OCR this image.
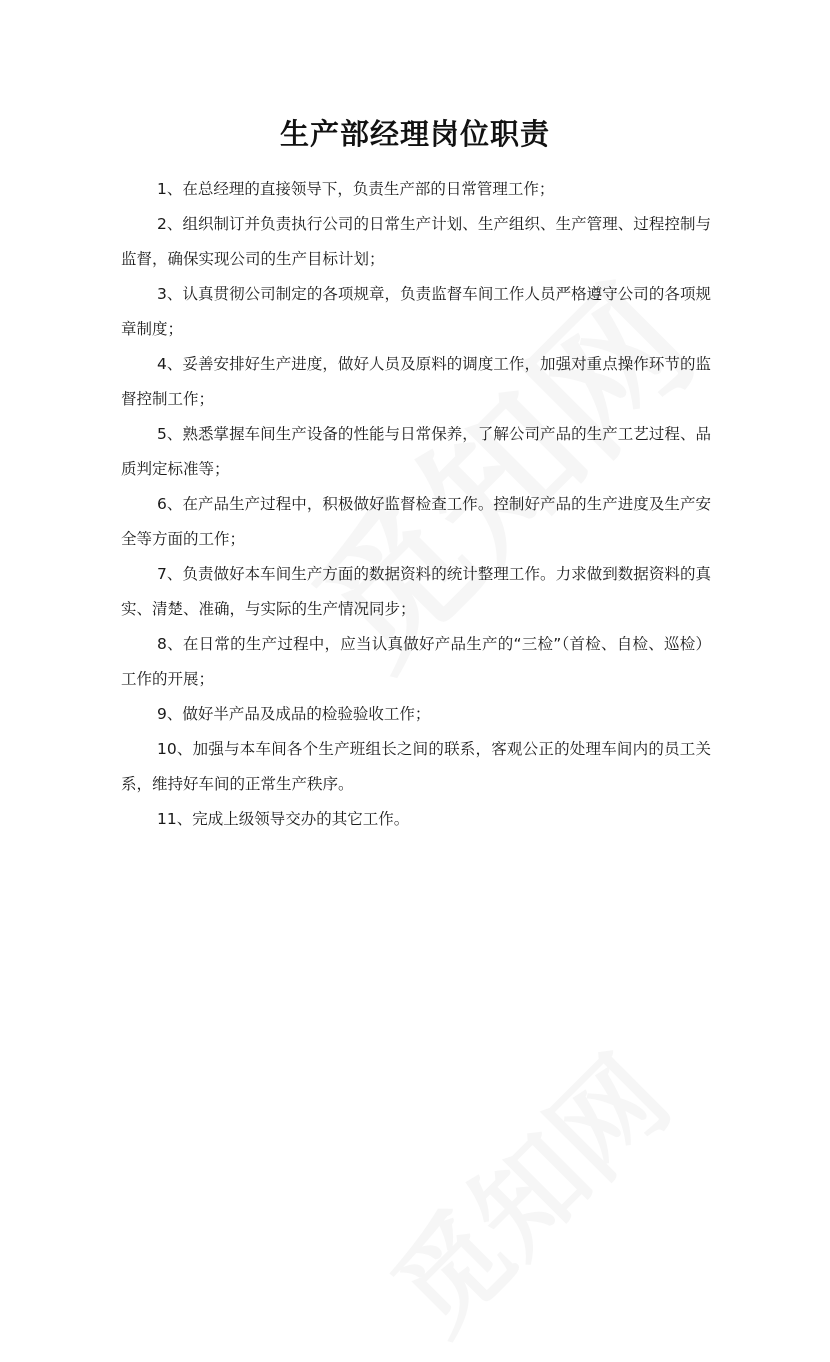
生产部经理岗位职责

1、在总经理的直接领导下，负责生产部的日常管理工作；

2、组织制订并负责执行公司的日常生产计划、生产组织、生产管理、过程控制与监督，确保实现公司的生产目标计划；

3、认真贯彻公司制定的各项规章，负责监督车间工作人员严格遵守公司的各项规章制度；

4、妥善安排好生产进度，做好人员及原料的调度工作，加强对重点操作环节的监督控制工作；

5、熟悉掌握车间生产设备的性能与日常保养，了解公司产品的生产工艺过程、品质判定标准等；

6、在产品生产过程中，积极做好监督检查工作。控制好产品的生产进度及生产安全等方面的工作；

7、负责做好本车间生产方面的数据资料的统计整理工作。力求做到数据资料的真实、清楚、准确，与实际的生产情况同步；

8、在日常的生产过程中，应当认真做好产品生产的“三检”（首检、自检、巡检）工作的开展；

9、做好半产品及成品的检验验收工作；

10、加强与本车间各个生产班组长之间的联系，客观公正的处理车间内的员工关系，维持好车间的正常生产秩序。

11、完成上级领导交办的其它工作。
